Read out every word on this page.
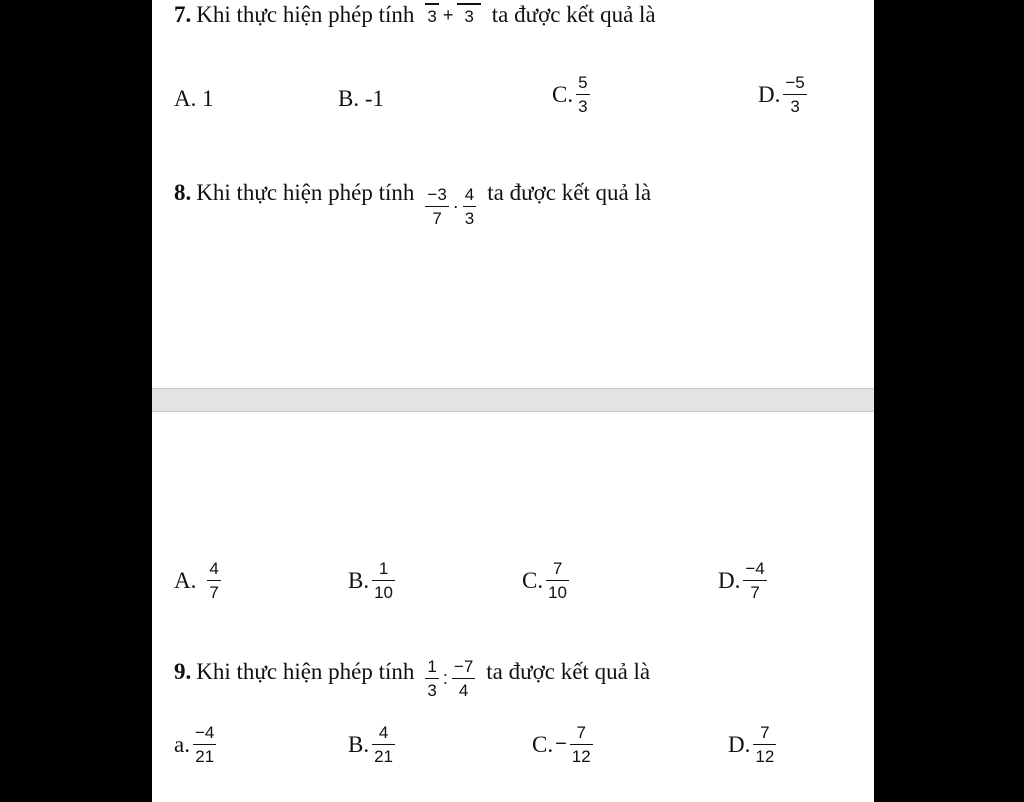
7. Khi thực hiện phép tính 3 + 3 ta được kết quả là
A. 1	B. -1	C. $\frac{5}{3}$	D. $\frac{-5}{3}$
8. Khi thực hiện phép tính $\frac{-3}{7} \cdot \frac{4}{3}$ ta được kết quả là
A. $\frac{4}{7}$	B. $\frac{1}{10}$	C. $\frac{7}{10}$	D. $\frac{-4}{7}$
9. Khi thực hiện phép tính $\frac{1}{3}$ : $\frac{-7}{4}$ ta được kết quả là
a. $\frac{-4}{21}$	B. $\frac{4}{21}$	C. − $\frac{7}{12}$	D. $\frac{7}{12}$
